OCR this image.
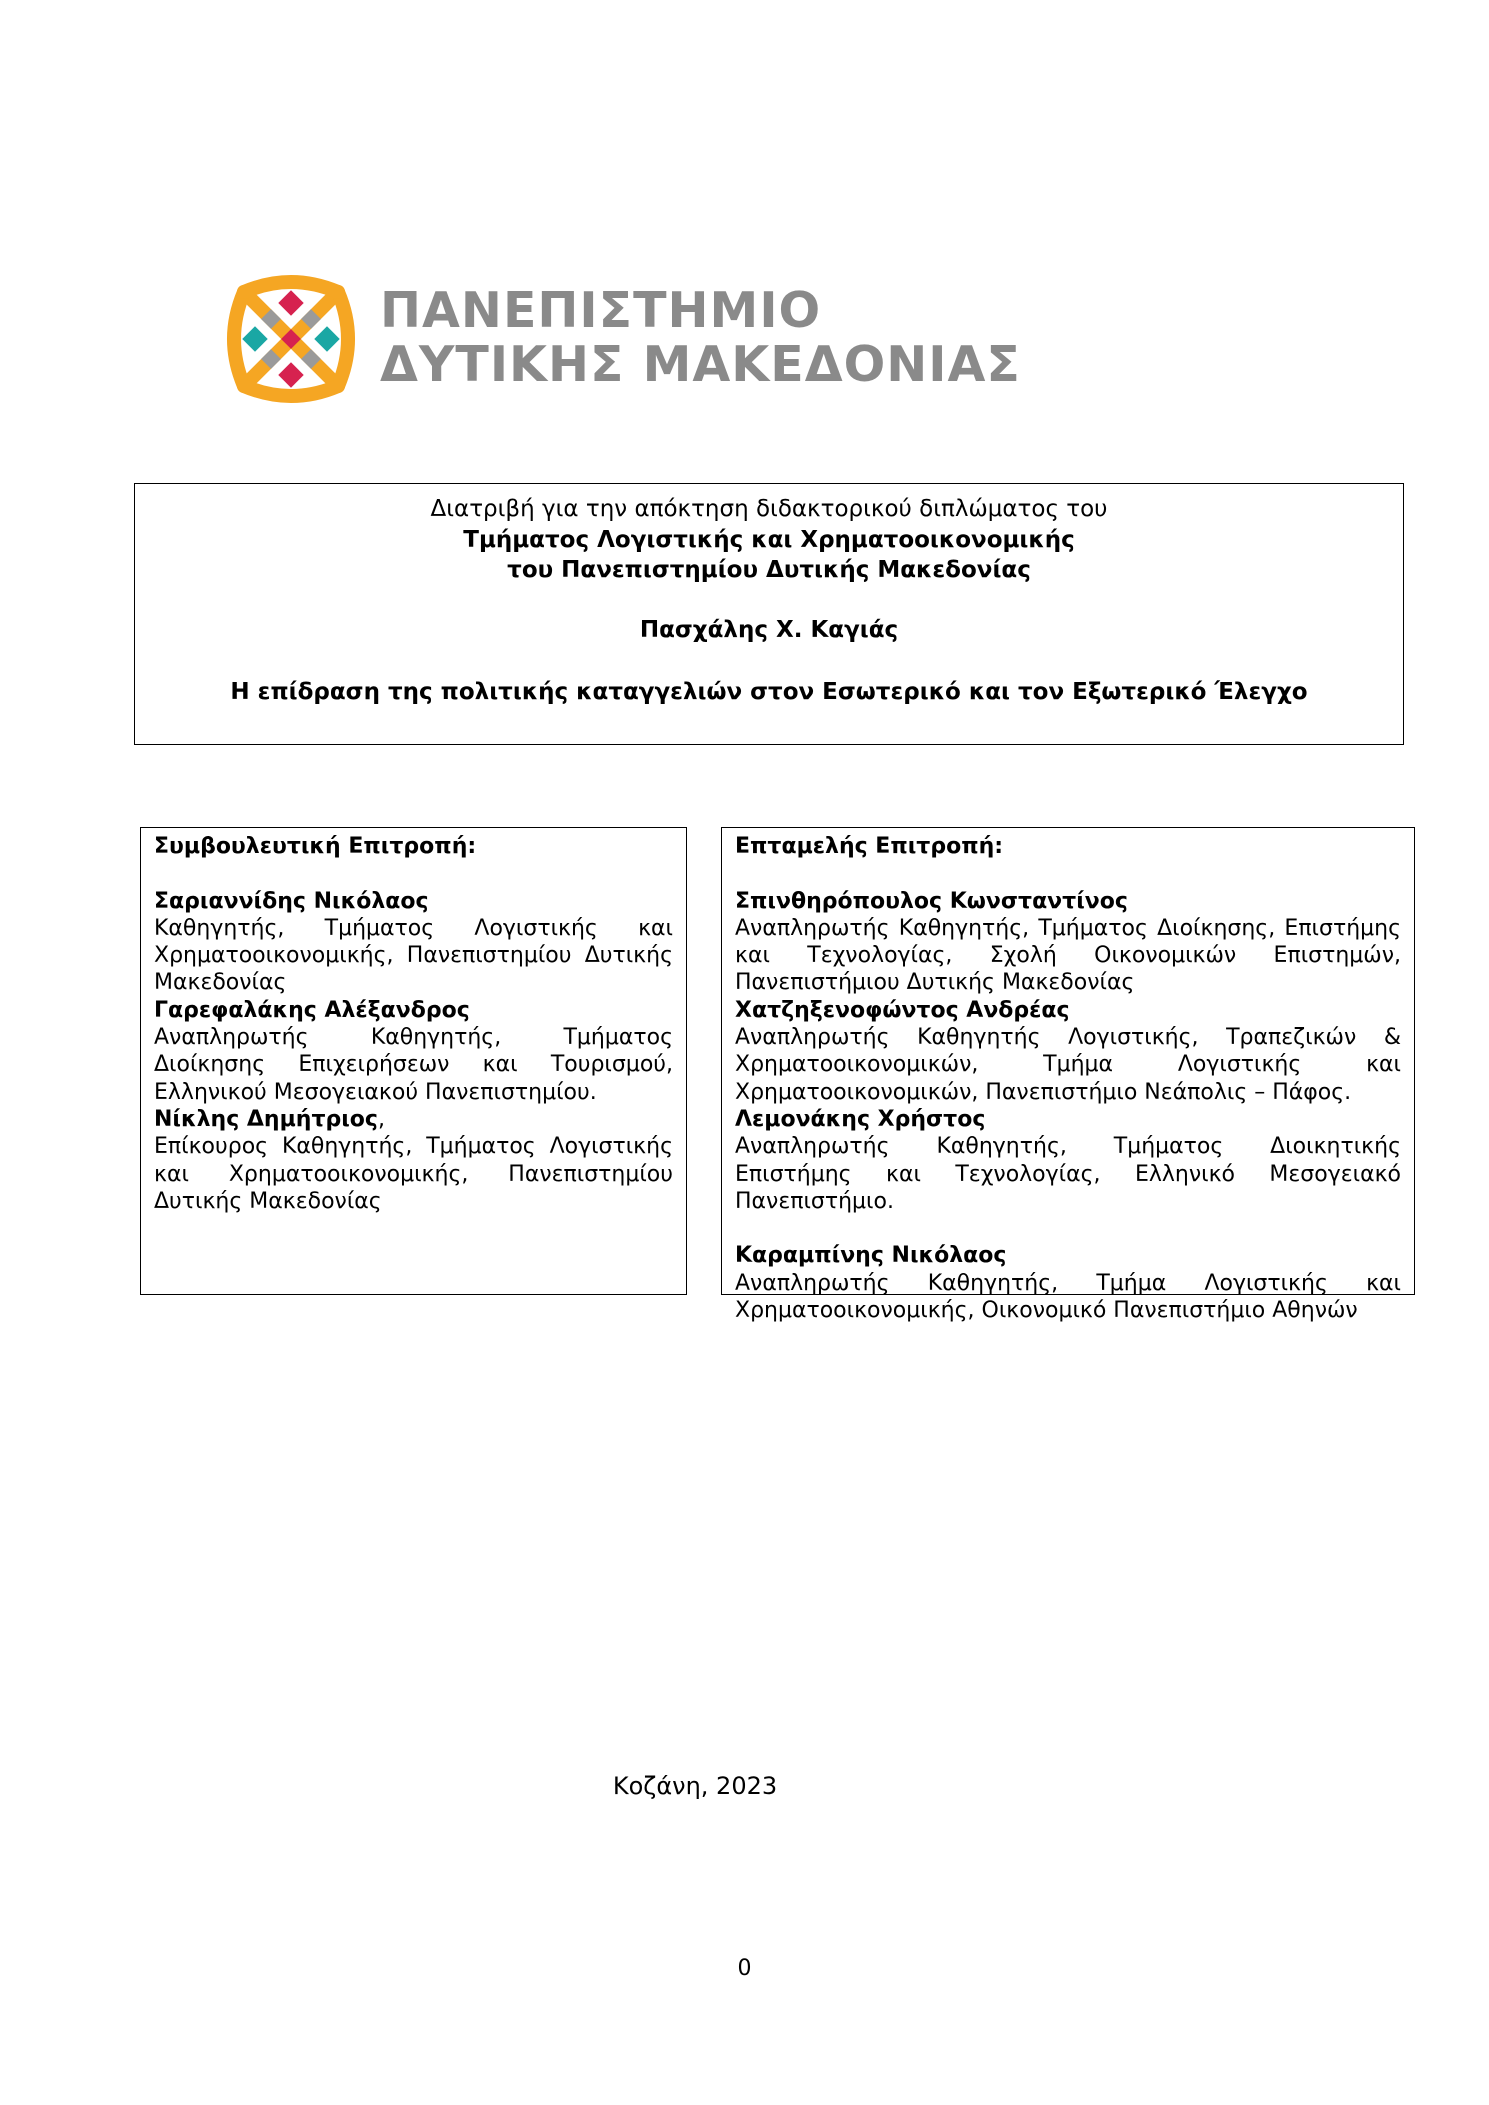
ΠΑΝΕΠΙΣΤΗΜΙΟ
ΔΥΤΙΚΗΣ ΜΑΚΕΔΟΝΙΑΣ

Διατριβή για την απόκτηση διδακτορικού διπλώματος του

Τμήματος Λογιστικής και Χρηματοοικονομικής

του Πανεπιστημίου Δυτικής Μακεδονίας

Πασχάλης Χ. Καγιάς

Η επίδραση της πολιτικής καταγγελιών στον Εσωτερικό και τον Εξωτερικό Έλεγχο

Συμβουλευτική Επιτροπή:
Σαριαννίδης Νικόλαος
Καθηγητής, Τμήματος Λογιστικής και Χρηματοοικονομικής, Πανεπιστημίου Δυτικής Μακεδονίας
Γαρεφαλάκης Αλέξανδρος
Αναπληρωτής Καθηγητής, Τμήματος Διοίκησης Επιχειρήσεων και Τουρισμού, Ελληνικού Μεσογειακού Πανεπιστημίου.
Νίκλης Δημήτριος,
Επίκουρος Καθηγητής, Τμήματος Λογιστικής και Χρηματοοικονομικής, Πανεπιστημίου Δυτικής Μακεδονίας
Επταμελής Επιτροπή:
Σπινθηρόπουλος Κωνσταντίνος
Αναπληρωτής Καθηγητής, Τμήματος Διοίκησης, Επιστήμης και Τεχνολογίας, Σχολή Οικονομικών Επιστημών, Πανεπιστήμιου Δυτικής Μακεδονίας
Χατζηξενοφώντος Ανδρέας
Αναπληρωτής Καθηγητής Λογιστικής, Τραπεζικών & Χρηματοοικονομικών, Τμήμα Λογιστικής και Χρηματοοικονομικών, Πανεπιστήμιο Νεάπολις – Πάφος.
Λεμονάκης Χρήστος
Αναπληρωτής Καθηγητής, Τμήματος Διοικητικής Επιστήμης και Τεχνολογίας, Ελληνικό Μεσογειακό Πανεπιστήμιο.
Καραμπίνης Νικόλαος
Αναπληρωτής Καθηγητής, Τμήμα Λογιστικής και Χρηματοοικονομικής, Οικονομικό Πανεπιστήμιο Αθηνών
Κοζάνη, 2023
0
